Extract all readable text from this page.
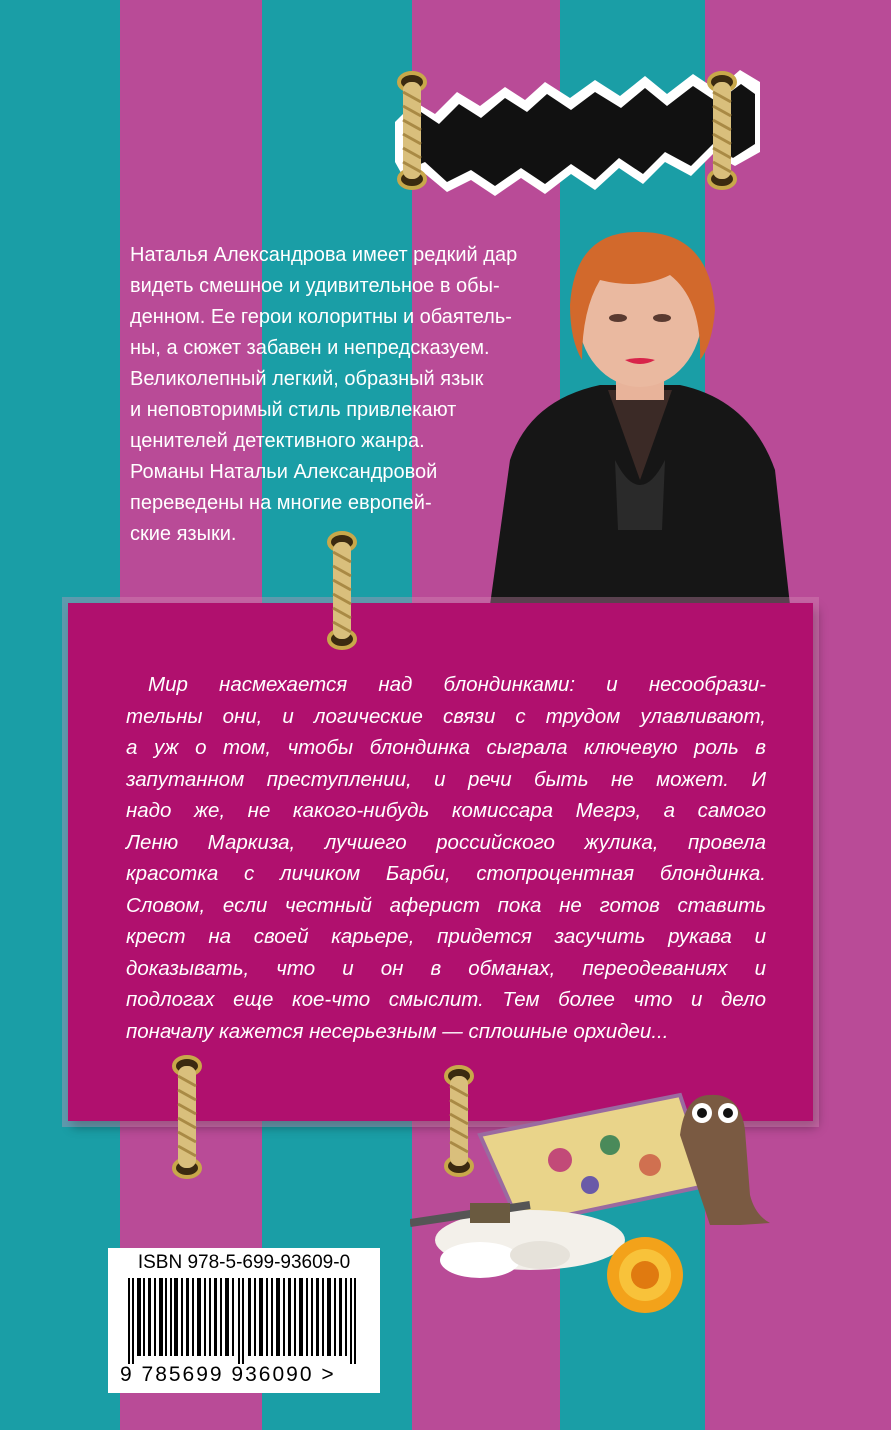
Наталья Александрова имеет редкий дар
видеть смешное и удивительное в обы-
денном. Ее герои колоритны и обаятель-
ны, а сюжет забавен и непредсказуем.
Великолепный легкий, образный язык
и неповторимый стиль привлекают
ценителей детективного жанра.
Романы Натальи Александровой
переведены на многие европей-
ские языки.

Мир насмехается над блондинками: и несообрази-
тельны они, и логические связи с трудом улавливают,
а уж о том, чтобы блондинка сыграла ключевую роль в
запутанном преступлении, и речи быть не может. И
надо же, не какого-нибудь комиссара Мегрэ, а самого
Леню Маркиза, лучшего российского жулика, провела
красотка с личиком Барби, стопроцентная блондинка.
Словом, если честный аферист пока не готов ставить
крест на своей карьере, придется засучить рукава и
доказывать, что и он в обманах, переодеваниях и
подлогах еще кое-что смыслит. Тем более что и дело
поначалу кажется несерьезным — сплошные орхидеи...

ISBN 978-5-699-93609-0
9 785699 936090 >
